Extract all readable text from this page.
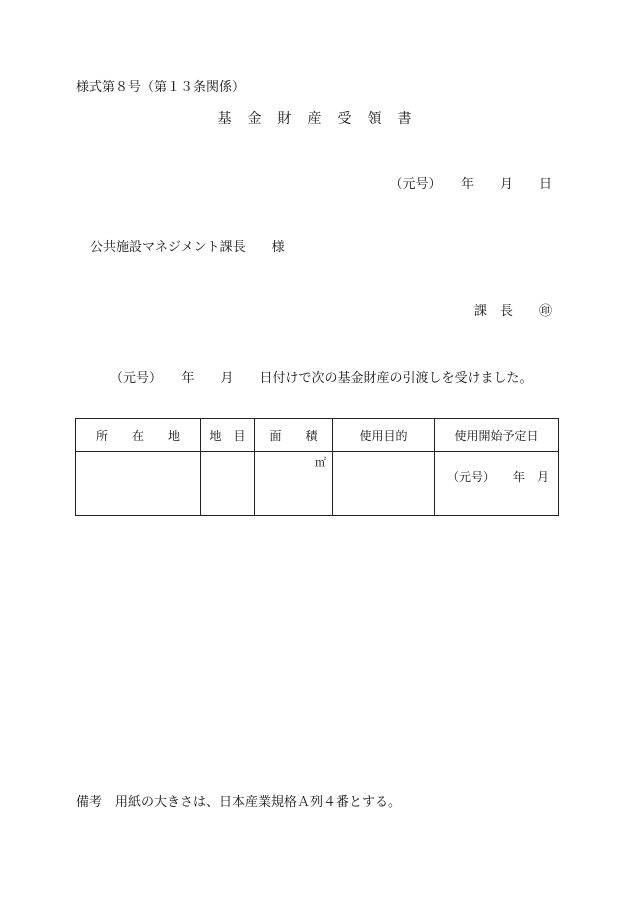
様式第８号（第１３条関係）
基　金　財　産　受　領　書
（元号）　　年　　月　　日
公共施設マネジメント課長　　様
課　長　　㊞
（元号）　　年　　月　　日付けで次の基金財産の引渡しを受けました。
所　　在　　地	地　目	面　　積	使用目的	使用開始予定日

		㎡		（元号）　　年　月
備考　用紙の大きさは、日本産業規格Ａ列４番とする。
